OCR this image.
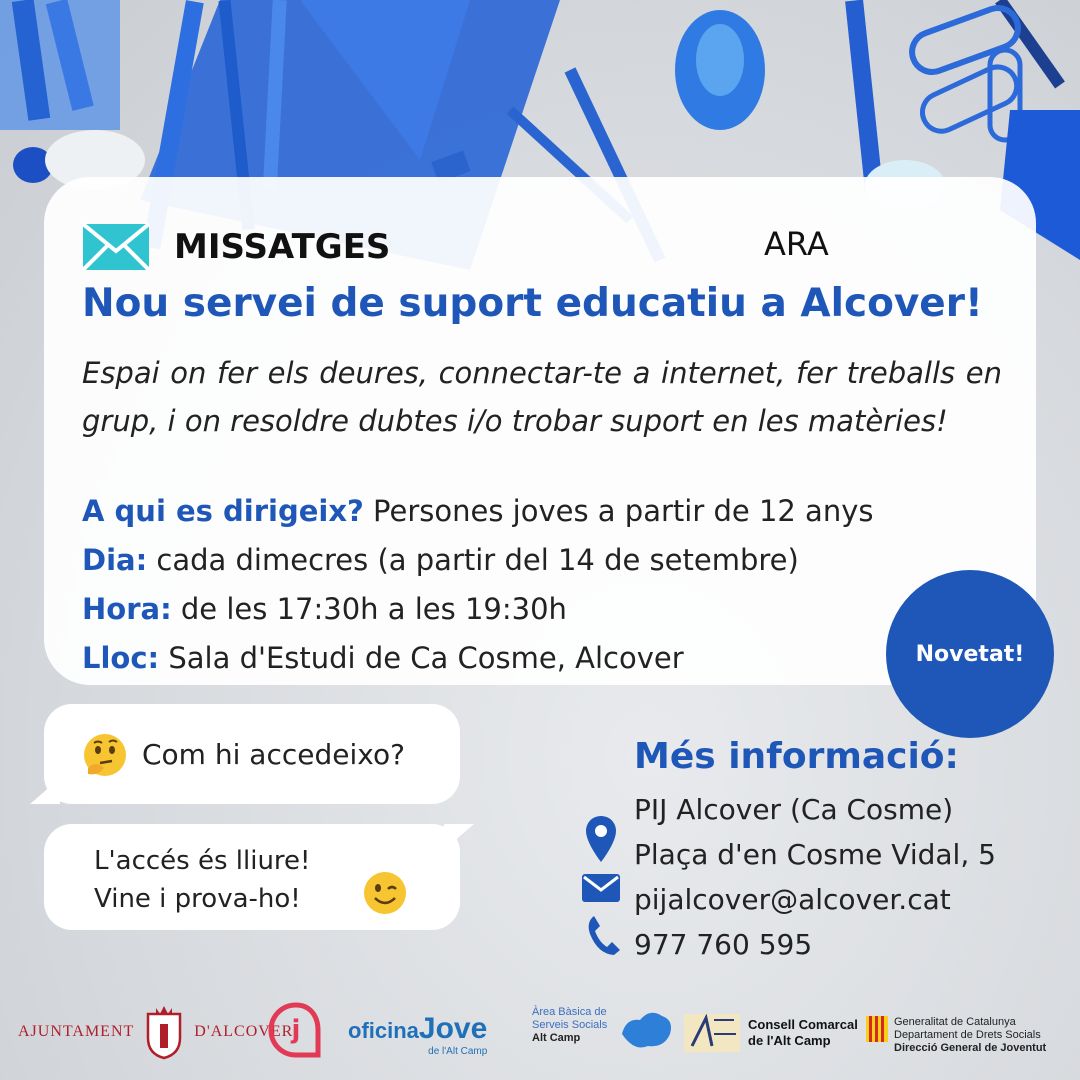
MISSATGES	ARA
Nou servei de suport educatiu a Alcover!
Espai on fer els deures, connectar-te a internet, fer treballs en grup, i on resoldre dubtes i/o trobar suport en les matèries!
A qui es dirigeix? Persones joves a partir de 12 anys
Dia: cada dimecres (a partir del 14 de setembre)
Hora: de les 17:30h a les 19:30h
Lloc: Sala d'Estudi de Ca Cosme, Alcover	Novetat!
Com hi accedeixo?
L'accés és lliure!
Vine i prova-ho!
Més informació:
PIJ Alcover (Ca Cosme)
Plaça d'en Cosme Vidal, 5
pijalcover@alcover.cat
977 760 595
AJUNTAMENT	D'ALCOVER
j oficinaJove
de l'Alt Camp
Àrea Bàsica de
Serveis Socials
Alt Camp
Consell Comarcal
de l'Alt Camp
Generalitat de Catalunya
Departament de Drets Socials
Direcció General de Joventut
